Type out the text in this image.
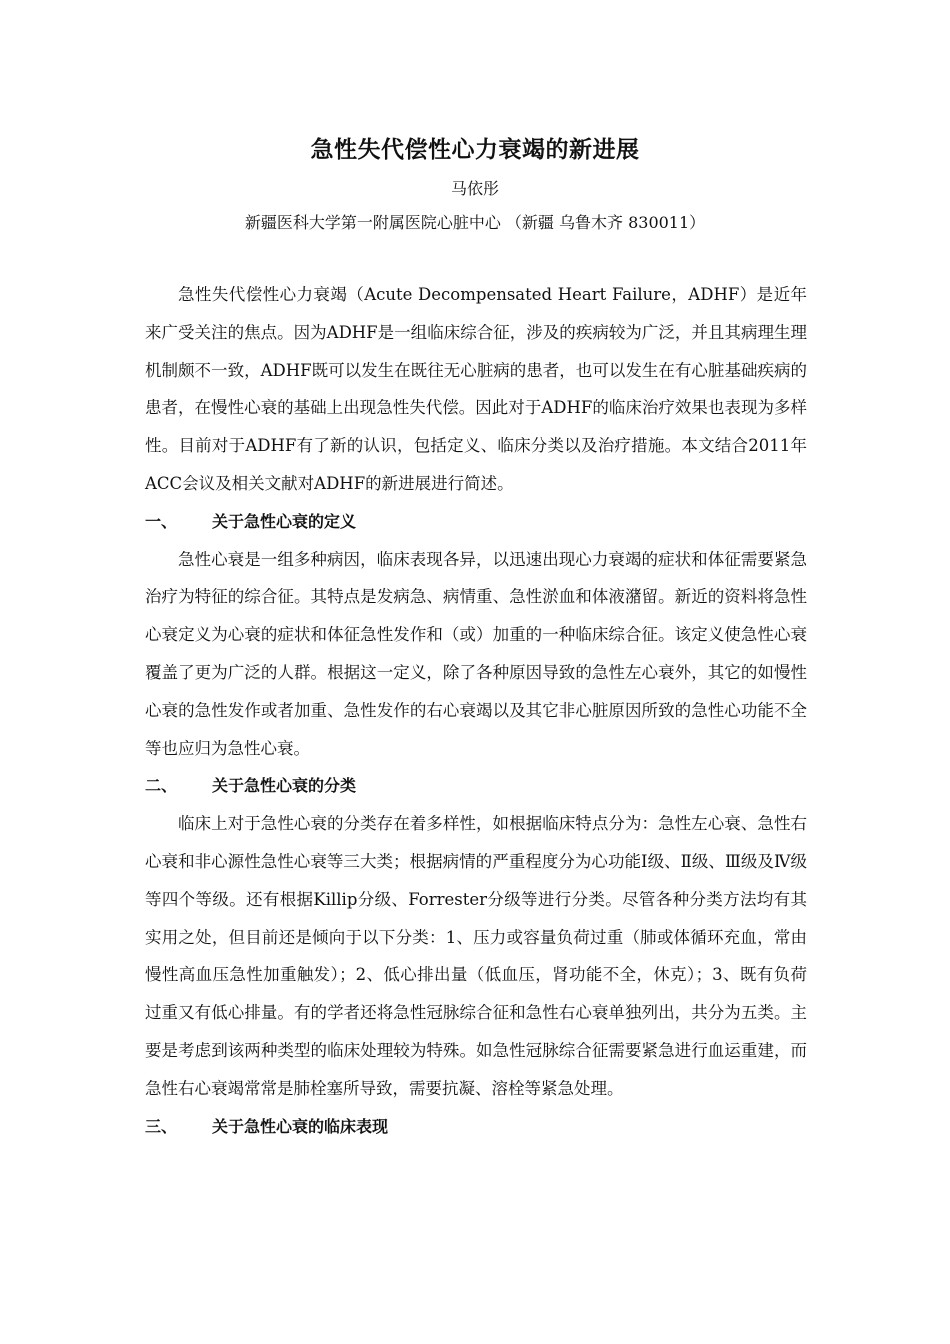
急性失代偿性心力衰竭的新进展
马依彤
新疆医科大学第一附属医院心脏中心 （新疆 乌鲁木齐 830011）

急性失代偿性心力衰竭（Acute Decompensated Heart Failure，ADHF）是近年来广受关注的焦点。因为ADHF是一组临床综合征，涉及的疾病较为广泛，并且其病理生理机制颇不一致，ADHF既可以发生在既往无心脏病的患者，也可以发生在有心脏基础疾病的患者，在慢性心衰的基础上出现急性失代偿。因此对于ADHF的临床治疗效果也表现为多样性。目前对于ADHF有了新的认识，包括定义、临床分类以及治疗措施。本文结合2011年ACC会议及相关文献对ADHF的新进展进行简述。

一、	关于急性心衰的定义

急性心衰是一组多种病因，临床表现各异，以迅速出现心力衰竭的症状和体征需要紧急治疗为特征的综合征。其特点是发病急、病情重、急性淤血和体液潴留。新近的资料将急性心衰定义为心衰的症状和体征急性发作和（或）加重的一种临床综合征。该定义使急性心衰覆盖了更为广泛的人群。根据这一定义，除了各种原因导致的急性左心衰外，其它的如慢性心衰的急性发作或者加重、急性发作的右心衰竭以及其它非心脏原因所致的急性心功能不全等也应归为急性心衰。

二、	关于急性心衰的分类

临床上对于急性心衰的分类存在着多样性，如根据临床特点分为：急性左心衰、急性右心衰和非心源性急性心衰等三大类；根据病情的严重程度分为心功能Ⅰ级、Ⅱ级、Ⅲ级及Ⅳ级等四个等级。还有根据Killip分级、Forrester分级等进行分类。尽管各种分类方法均有其实用之处，但目前还是倾向于以下分类：1、压力或容量负荷过重（肺或体循环充血，常由慢性高血压急性加重触发）；2、低心排出量（低血压，肾功能不全，休克）；3、既有负荷过重又有低心排量。有的学者还将急性冠脉综合征和急性右心衰单独列出，共分为五类。主要是考虑到该两种类型的临床处理较为特殊。如急性冠脉综合征需要紧急进行血运重建，而急性右心衰竭常常是肺栓塞所导致，需要抗凝、溶栓等紧急处理。

三、	关于急性心衰的临床表现
